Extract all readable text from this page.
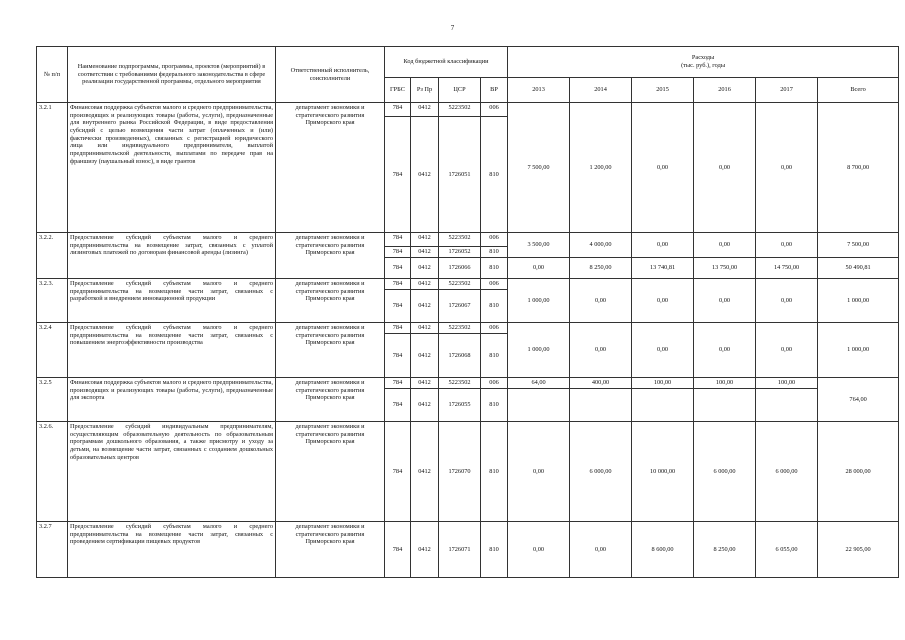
7
№ п/п	Наименование подпрограммы, программы, проектов (мероприятий) в соответствии с требованиями федерального законодательства в сфере реализации государственной программы, отдельного мероприятия	Ответственный исполнитель, соисполнители	Код бюджетной классификации				Расходы
(тыс. руб.), годы					
			ГРБС	Рз Пр	ЦСР	ВР	2013	2014	2015	2016	2017	Всего
3.2.1	Финансовая поддержка субъектов малого и среднего предпринимательства, производящих и реализующих товары (работы, услуги), предназначенные для внутреннего рынка Российской Федерации, в виде предоставления субсидий с целью возмещения части затрат (оплаченных и (или) фактически произведенных), связанных с регистрацией юридического лица или индивидуального предпринимателя, выплатой предпринимательской деятельности, выплатами по передаче прав на франшизу (паушальный взнос), в виде грантов	департамент экономики и стратегического развития Приморского края	784	0412	5223502	006	7 500,00	1 200,00	0,00	0,00	0,00	8 700,00
			784	0412	1726051	810						
3.2.2.	Предоставление субсидий субъектам малого и среднего предпринимательства на возмещение затрат, связанных с уплатой лизинговых платежей по договорам финансовой аренды (лизинга)	департамент экономики и стратегического развития Приморского края	784	0412	5223502	006	3 500,00	4 000,00	0,00	0,00	0,00	7 500,00
			784	0412	1726052	810						
			784	0412	1726066	810	0,00	8 250,00	13 740,81	13 750,00	14 750,00	50 490,81
3.2.3.	Предоставление субсидий субъектам малого и среднего предпринимательства на возмещение части затрат, связанных с разработкой и внедрением инновационной продукции	департамент экономики и стратегического развития Приморского края	784	0412	5223502	006	1 000,00	0,00	0,00	0,00	0,00	1 000,00
			784	0412	1726067	810						
3.2.4	Предоставление субсидий субъектам малого и среднего предпринимательства на возмещение части затрат, связанных с повышением энергоэффективности производства	департамент экономики и стратегического развития Приморского края	784	0412	5223502	006	1 000,00	0,00	0,00	0,00	0,00	1 000,00
			784	0412	1726068	810						
3.2.5	Финансовая поддержка субъектов малого и среднего предпринимательства, производящих и реализующих товары (работы, услуги), предназначенные для экспорта	департамент экономики и стратегического развития Приморского края	784	0412	5223502	006	64,00	400,00	100,00	100,00	100,00	764,00
			784	0412	1726055	810						
3.2.6.	Предоставление субсидий индивидуальным предпринимателям, осуществляющим образовательную деятельность по образовательным программам дошкольного образования, а также присмотру и уходу за детьми, на возмещение части затрат, связанных с созданием дошкольных образовательных центров	департамент экономики и стратегического развития Приморского края	784	0412	1726070	810	0,00	6 000,00	10 000,00	6 000,00	6 000,00	28 000,00
3.2.7	Предоставление субсидий субъектам малого и среднего предпринимательства на возмещение части затрат, связанных с проведением сертификации пищевых продуктов	департамент экономики и стратегического развития Приморского края	784	0412	1726071	810	0,00	0,00	8 600,00	8 250,00	6 055,00	22 905,00
